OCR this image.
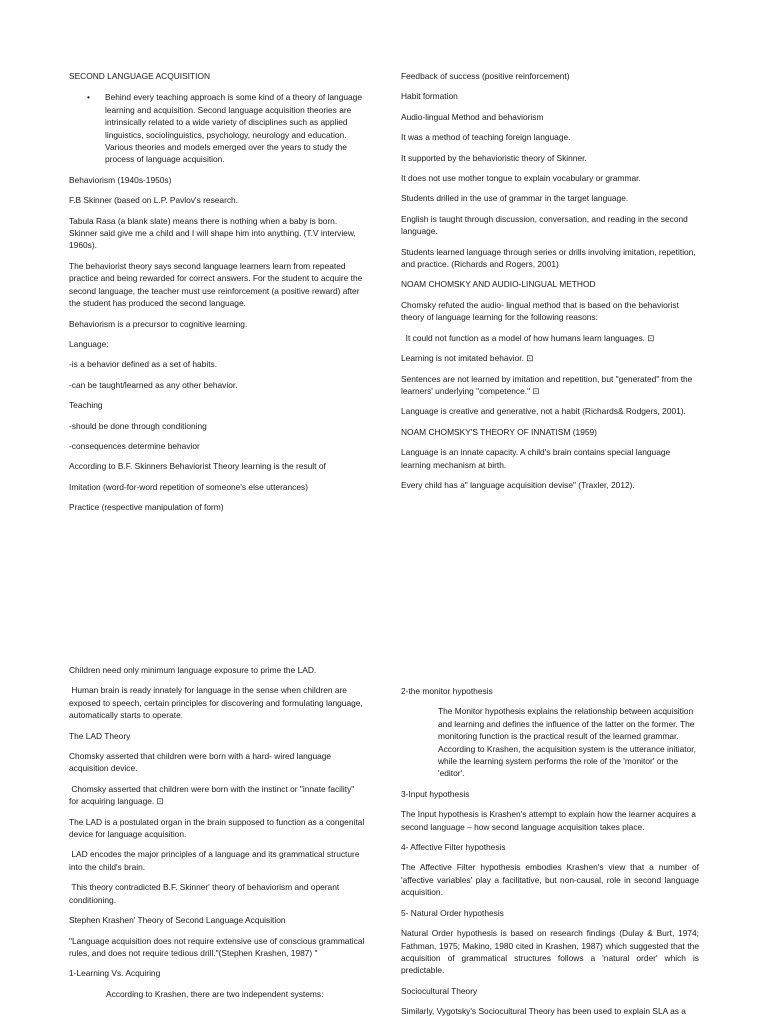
SECOND LANGUAGE ACQUISITION

• Behind every teaching approach is some kind of a theory of language learning and acquisition. Second language acquisition theories are intrinsically related to a wide variety of disciplines such as applied linguistics, sociolinguistics, psychology, neurology and education. Various theories and models emerged over the years to study the process of language acquisition.

Behaviorism (1940s-1950s)

F.B Skinner (based on L.P. Pavlov's research.

Tabula Rasa (a blank slate) means there is nothing when a baby is born. Skinner said give me a child and I will shape him into anything. (T.V interview, 1960s).

The behaviorist theory says second language learners learn from repeated practice and being rewarded for correct answers. For the student to acquire the second language, the teacher must use reinforcement (a positive reward) after the student has produced the second language.

Behaviorism is a precursor to cognitive learning.

Language:

-is a behavior defined as a set of habits.

-can be taught/learned as any other behavior.

Teaching

-should be done through conditioning

-consequences determine behavior

According to B.F. Skinners Behaviorist Theory learning is the result of

Imitation (word-for-word repetition of someone's else utterances)

Practice (respective manipulation of form)

Feedback of success (positive reinforcement)

Habit formation

Audio-lingual Method and behaviorism

It was a method of teaching foreign language.

It supported by the behavioristic theory of Skinner.

It does not use mother tongue to explain vocabulary or grammar.

Students drilled in the use of grammar in the target language.

English is taught through discussion, conversation, and reading in the second language.

Students learned language through series or drills involving imitation, repetition, and practice. (Richards and Rogers, 2001)

NOAM CHOMSKY AND AUDIO-LINGUAL METHOD

Chomsky refuted the audio- lingual method that is based on the behaviorist theory of language learning for the following reasons:

It could not function as a model of how humans learn languages. ⊡

Learning is not imitated behavior. ⊡

Sentences are not learned by imitation and repetition, but "generated" from the learners' underlying "competence." ⊡

Language is creative and generative, not a habit (Richards& Rodgers, 2001).

NOAM CHOMSKY'S THEORY OF INNATISM (1959)

Language is an innate capacity. A child's brain contains special language learning mechanism at birth.

Every child has a" language acquisition devise" (Traxler, 2012).

Children need only minimum language exposure to prime the LAD.

Human brain is ready innately for language in the sense when children are exposed to speech, certain principles for discovering and formulating language, automatically starts to operate.

The LAD Theory

Chomsky asserted that children were born with a hard- wired language acquisition device.

Chomsky asserted that children were born with the instinct or "innate facility" for acquiring language. ⊡

The LAD is a postulated organ in the brain supposed to function as a congenital device for language acquisition.

LAD encodes the major principles of a language and its grammatical structure into the child's brain.

This theory contradicted B.F. Skinner' theory of behaviorism and operant conditioning.

Stephen Krashen' Theory of Second Language Acquisition

"Language acquisition does not require extensive use of conscious grammatical rules, and does not require tedious drill."(Stephen Krashen, 1987) "

1-Learning Vs. Acquiring

According to Krashen, there are two independent systems:

2-the monitor hypothesis

The Monitor hypothesis explains the relationship between acquisition and learning and defines the influence of the latter on the former. The monitoring function is the practical result of the learned grammar. According to Krashen, the acquisition system is the utterance initiator, while the learning system performs the role of the 'monitor' or the 'editor'.

3-Input hypothesis

The Input hypothesis is Krashen's attempt to explain how the learner acquires a second language – how second language acquisition takes place.

4- Affective Filter hypothesis

The Affective Filter hypothesis embodies Krashen's view that a number of 'affective variables' play a facilitative, but non-causal, role in second language acquisition.

5- Natural Order hypothesis

Natural Order hypothesis is based on research findings (Dulay & Burt, 1974; Fathman, 1975; Makino, 1980 cited in Krashen, 1987) which suggested that the acquisition of grammatical structures follows a 'natural order' which is predictable.

Sociocultural Theory

Similarly, Vygotsky's Sociocultural Theory has been used to explain SLA as a
